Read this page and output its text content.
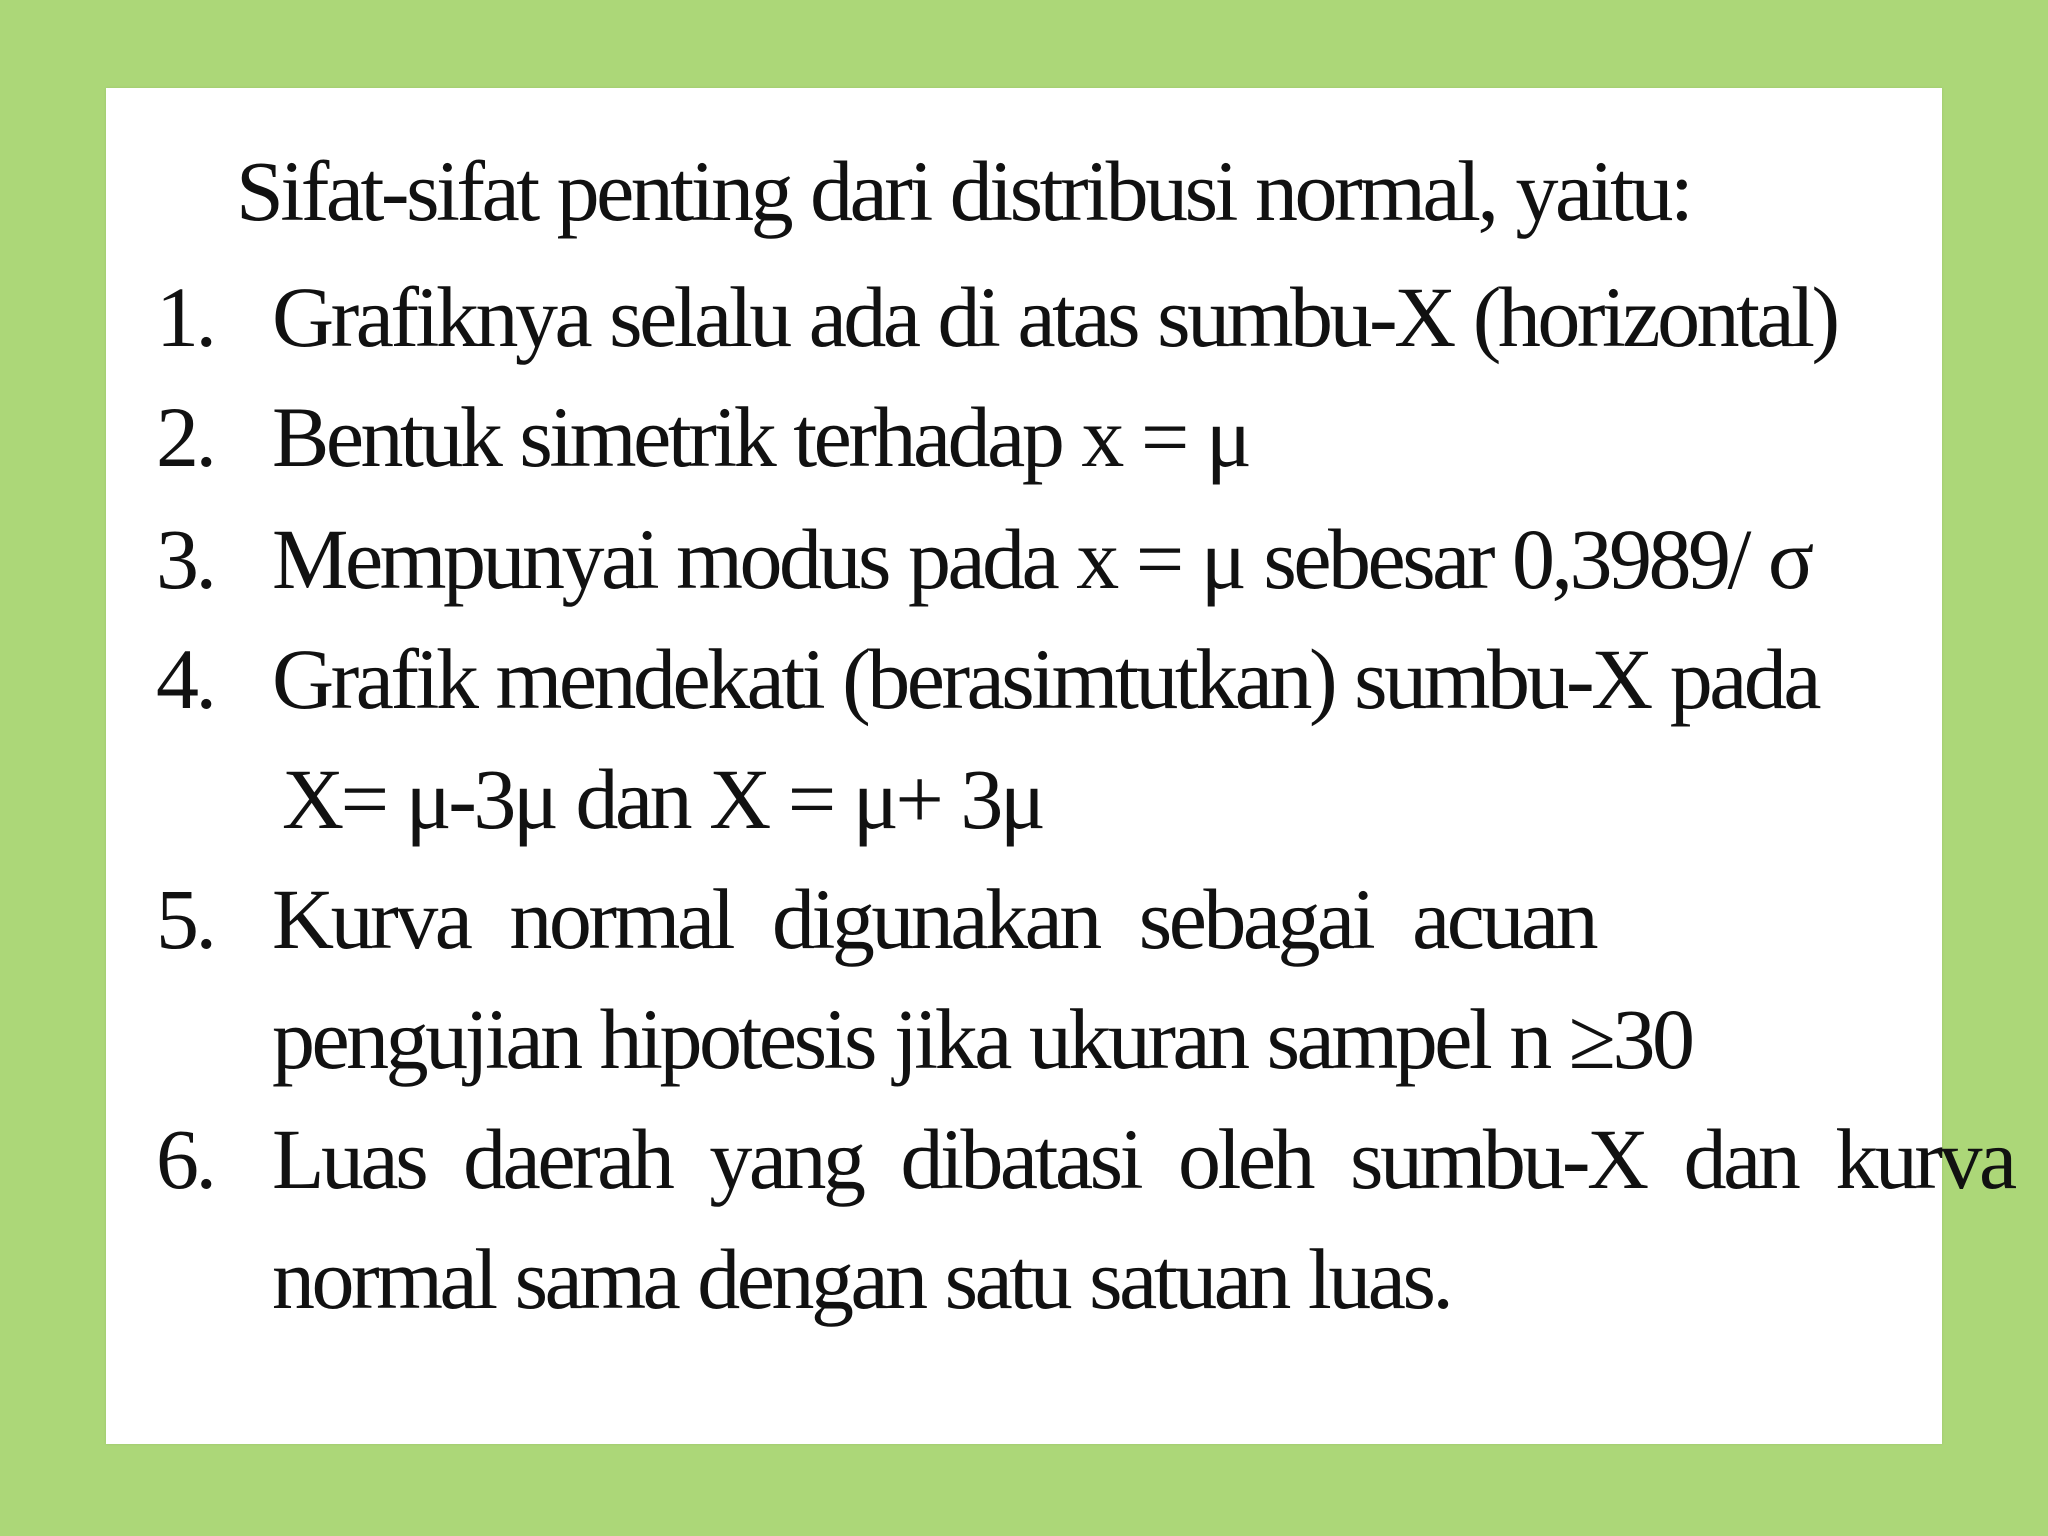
Sifat-sifat penting dari distribusi normal, yaitu:

1. Grafiknya selalu ada di atas sumbu-X (horizontal)
2. Bentuk simetrik terhadap x = μ
3. Mempunyai modus pada x = μ sebesar 0,3989/ σ
4. Grafik mendekati (berasimtutkan) sumbu-X pada
X= μ-3μ dan X = μ+ 3μ
5. Kurva normal digunakan sebagai acuan
pengujian hipotesis jika ukuran sampel n ≥30
6. Luas daerah yang dibatasi oleh sumbu-X dan kurva
normal sama dengan satu satuan luas.
